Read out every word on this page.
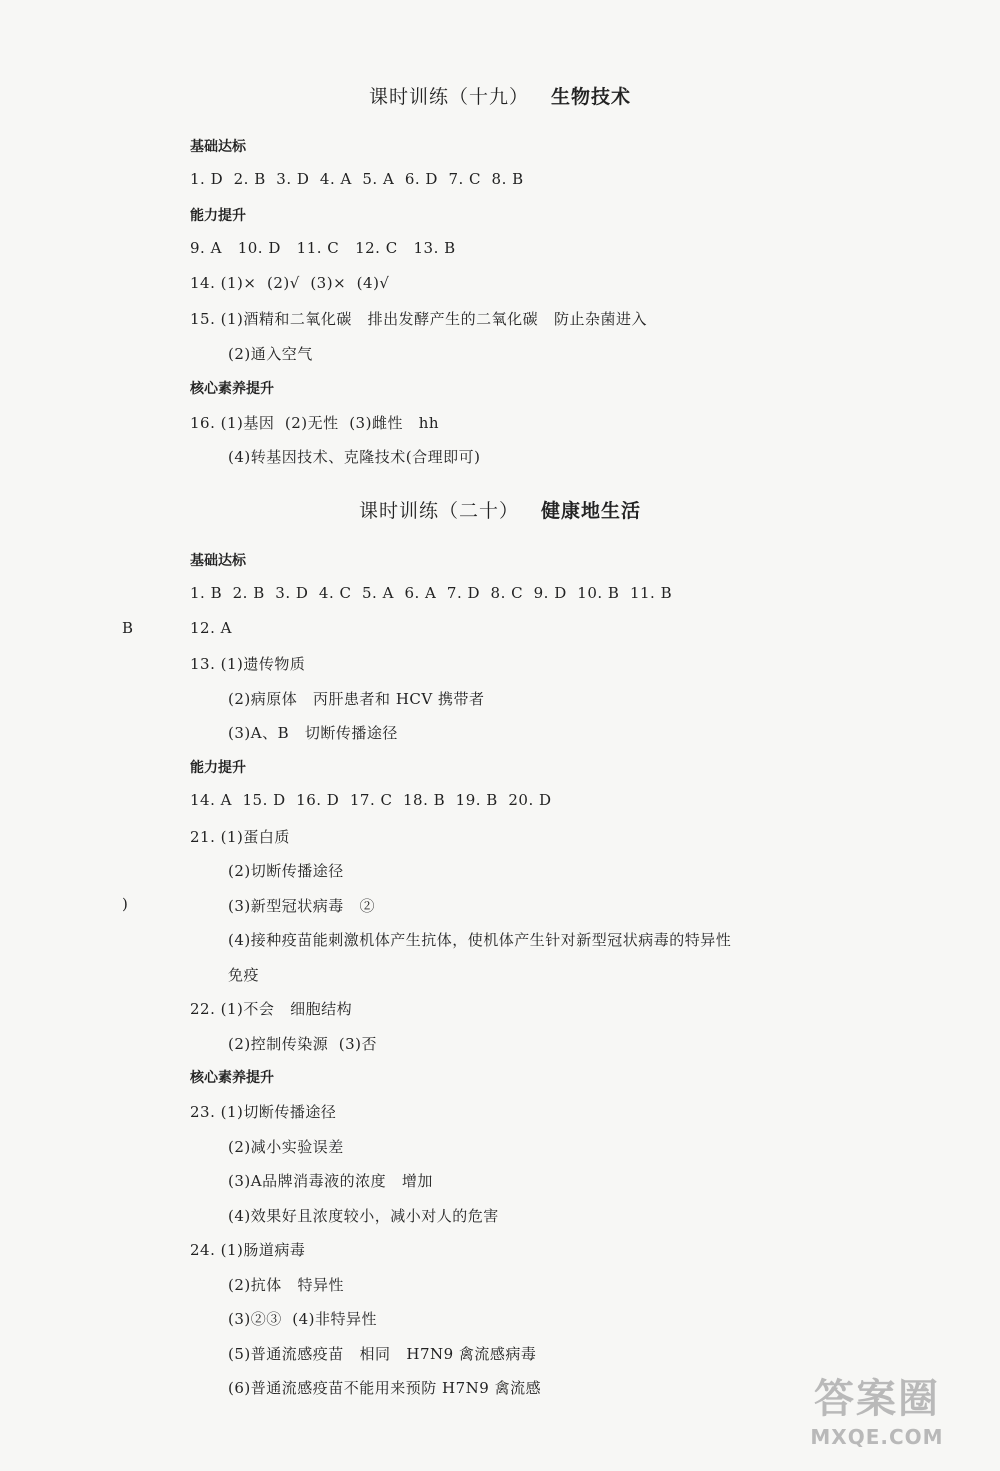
课时训练（十九） 生物技术
基础达标
1. D  2. B  3. D  4. A  5. A  6. D  7. C  8. B
能力提升
9. A   10. D   11. C   12. C   13. B
14. (1)×  (2)√  (3)×  (4)√
15. (1)酒精和二氧化碳   排出发酵产生的二氧化碳   防止杂菌进入
(2)通入空气
核心素养提升
16. (1)基因  (2)无性  (3)雌性   hh
(4)转基因技术、克隆技术(合理即可)
课时训练（二十） 健康地生活
基础达标
1. B  2. B  3. D  4. C  5. A  6. A  7. D  8. C  9. D  10. B  11. B
B	12. A
13. (1)遗传物质
(2)病原体   丙肝患者和 HCV 携带者
(3)A、B   切断传播途径
能力提升
14. A  15. D  16. D  17. C  18. B  19. B  20. D
21. (1)蛋白质
(2)切断传播途径
)	(3)新型冠状病毒   ②
(4)接种疫苗能刺激机体产生抗体，使机体产生针对新型冠状病毒的特异性
免疫
22. (1)不会   细胞结构
(2)控制传染源  (3)否
核心素养提升
23. (1)切断传播途径
(2)减小实验误差
(3)A品牌消毒液的浓度   增加
(4)效果好且浓度较小，减小对人的危害
24. (1)肠道病毒
(2)抗体   特异性
(3)②③  (4)非特异性
(5)普通流感疫苗   相同   H7N9 禽流感病毒
(6)普通流感疫苗不能用来预防 H7N9 禽流感	答案圈
MXQE.COM
